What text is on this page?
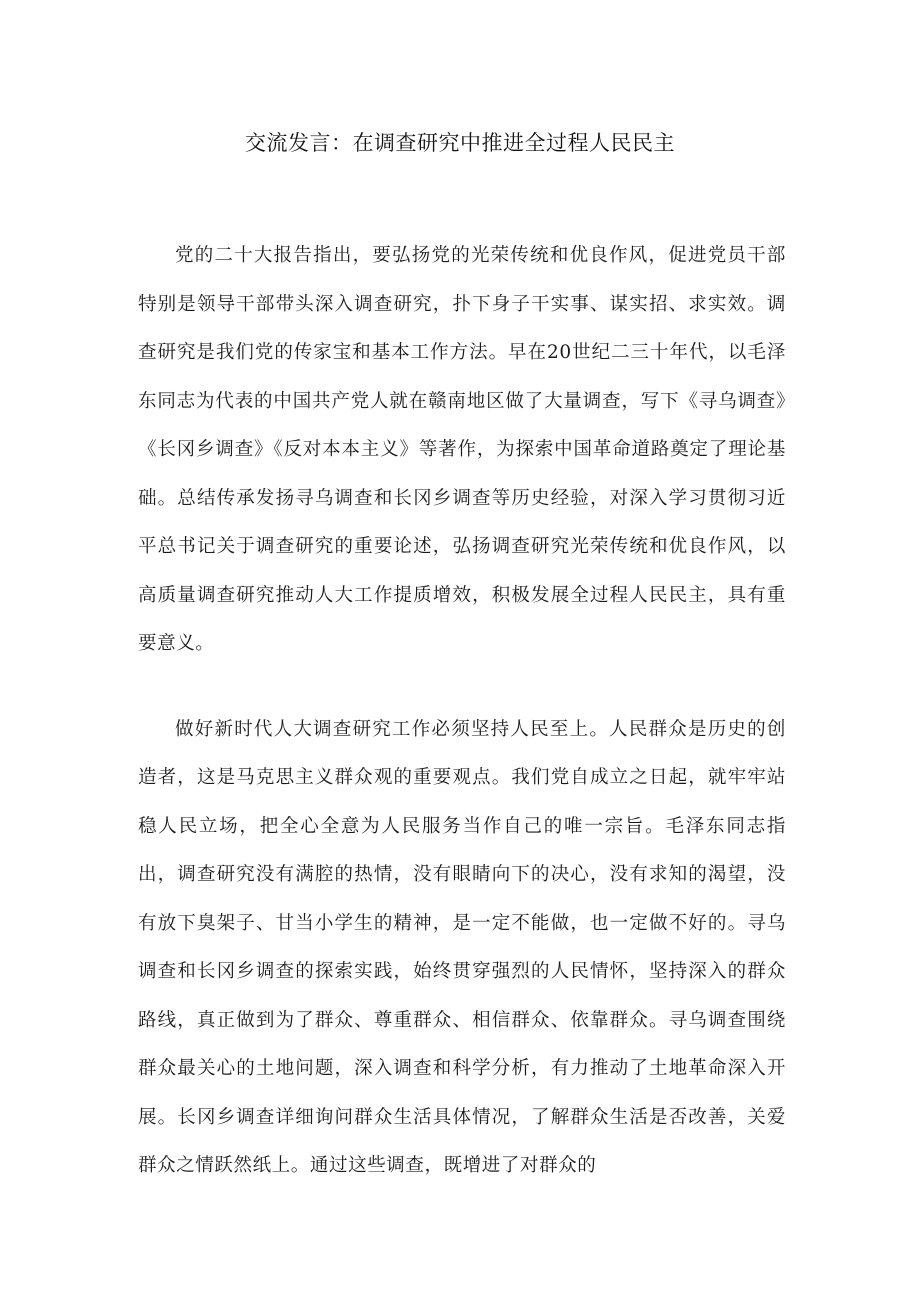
交流发言：在调查研究中推进全过程人民民主

党的二十大报告指出，要弘扬党的光荣传统和优良作风，促进党员干部特别是领导干部带头深入调查研究，扑下身子干实事、谋实招、求实效。调查研究是我们党的传家宝和基本工作方法。早在20世纪二三十年代，以毛泽东同志为代表的中国共产党人就在赣南地区做了大量调查，写下《寻乌调查》《长冈乡调查》《反对本本主义》等著作，为探索中国革命道路奠定了理论基础。总结传承发扬寻乌调查和长冈乡调查等历史经验，对深入学习贯彻习近平总书记关于调查研究的重要论述，弘扬调查研究光荣传统和优良作风，以高质量调查研究推动人大工作提质增效，积极发展全过程人民民主，具有重要意义。

做好新时代人大调查研究工作必须坚持人民至上。人民群众是历史的创造者，这是马克思主义群众观的重要观点。我们党自成立之日起，就牢牢站稳人民立场，把全心全意为人民服务当作自己的唯一宗旨。毛泽东同志指出，调查研究没有满腔的热情，没有眼睛向下的决心，没有求知的渴望，没有放下臭架子、甘当小学生的精神，是一定不能做，也一定做不好的。寻乌调查和长冈乡调查的探索实践，始终贯穿强烈的人民情怀，坚持深入的群众路线，真正做到为了群众、尊重群众、相信群众、依靠群众。寻乌调查围绕群众最关心的土地问题，深入调查和科学分析，有力推动了土地革命深入开展。长冈乡调查详细询问群众生活具体情况，了解群众生活是否改善，关爱群众之情跃然纸上。通过这些调查，既增进了对群众的
